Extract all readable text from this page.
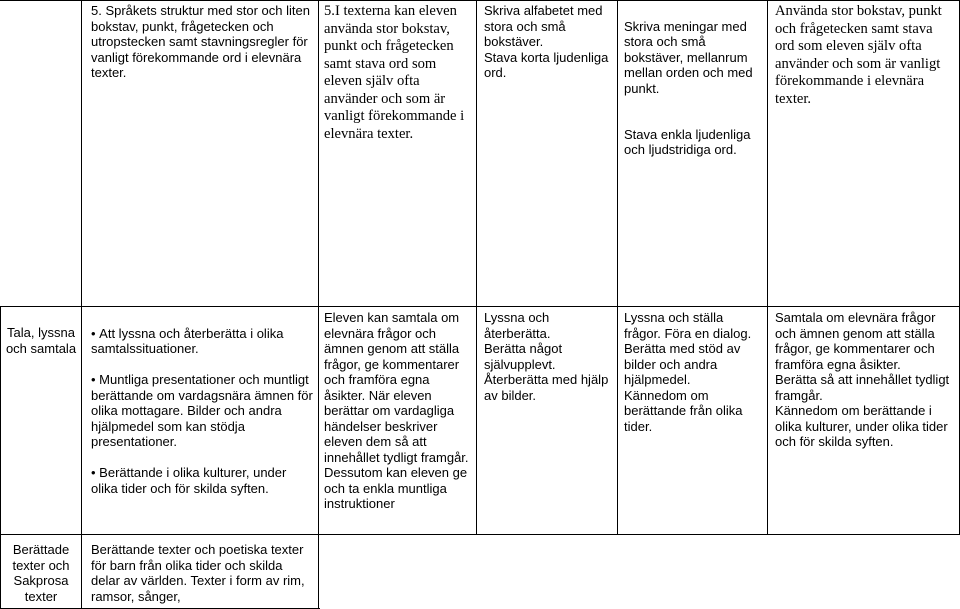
5. Språkets struktur med stor och liten bokstav, punkt, frågetecken och utropstecken samt stavningsregler för vanligt förekommande ord i elevnära texter.
5.I texterna kan eleven använda stor bokstav, punkt och frågetecken samt stava ord som eleven själv ofta använder och som är vanligt förekommande i elevnära texter.
Skriva alfabetet med stora och små bokstäver.
Stava korta ljudenliga ord.

Skriva meningar med stora och små bokstäver, mellanrum mellan orden och med punkt.

Stava enkla ljudenliga och ljudstridiga ord.

Använda stor bokstav, punkt och frågetecken samt stava ord som eleven själv ofta använder och som är vanligt förekommande i elevnära texter.
Tala, lyssna och samtala

• Att lyssna och återberätta i olika samtalssituationer.

• Muntliga presentationer och muntligt berättande om vardagsnära ämnen för olika mottagare. Bilder och andra hjälpmedel som kan stödja presentationer.

• Berättande i olika kulturer, under olika tider och för skilda syften.

Eleven kan samtala om elevnära frågor och ämnen genom att ställa frågor, ge kommentarer och framföra egna åsikter. När eleven berättar om vardagliga händelser beskriver eleven dem så att innehållet tydligt framgår.
Dessutom kan eleven ge och ta enkla muntliga instruktioner
Lyssna och återberätta.
Berätta något självupplevt.
Återberätta med hjälp av bilder.
Lyssna och ställa frågor. Föra en dialog.
Berätta med stöd av bilder och andra hjälpmedel.
Kännedom om berättande från olika tider.
Samtala om elevnära frågor och ämnen genom att ställa frågor, ge kommentarer och framföra egna åsikter.
Berätta så att innehållet tydligt framgår.
Kännedom om berättande i olika kulturer, under olika tider och för skilda syften.
Berättade texter och Sakprosa texter
Berättande texter och poetiska texter för barn från olika tider och skilda delar av världen. Texter i form av rim, ramsor, sånger,
